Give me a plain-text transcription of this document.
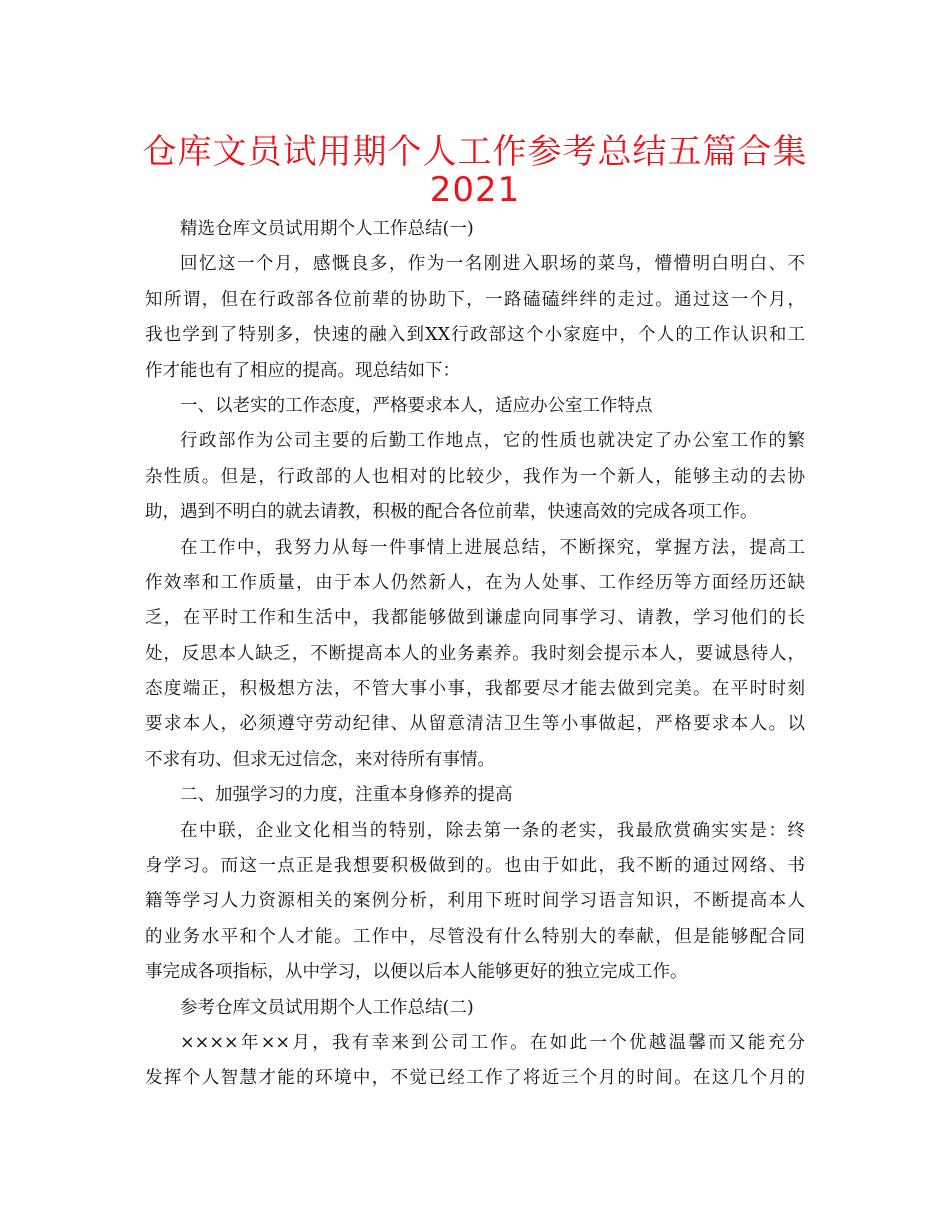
仓库文员试用期个人工作参考总结五篇合集
2021
精选仓库文员试用期个人工作总结(一)
回忆这一个月，感慨良多，作为一名刚进入职场的菜鸟，懵懵明白明白、不
知所谓，但在行政部各位前辈的协助下，一路磕磕绊绊的走过。通过这一个月，
我也学到了特别多，快速的融入到XX行政部这个小家庭中，个人的工作认识和工
作才能也有了相应的提高。现总结如下：
一、以老实的工作态度，严格要求本人，适应办公室工作特点
行政部作为公司主要的后勤工作地点，它的性质也就决定了办公室工作的繁
杂性质。但是，行政部的人也相对的比较少，我作为一个新人，能够主动的去协
助，遇到不明白的就去请教，积极的配合各位前辈，快速高效的完成各项工作。
在工作中，我努力从每一件事情上进展总结，不断探究，掌握方法，提高工
作效率和工作质量，由于本人仍然新人，在为人处事、工作经历等方面经历还缺
乏，在平时工作和生活中，我都能够做到谦虚向同事学习、请教，学习他们的长
处，反思本人缺乏，不断提高本人的业务素养。我时刻会提示本人，要诚恳待人，
态度端正，积极想方法，不管大事小事，我都要尽才能去做到完美。在平时时刻
要求本人，必须遵守劳动纪律、从留意清洁卫生等小事做起，严格要求本人。以
不求有功、但求无过信念，来对待所有事情。
二、加强学习的力度，注重本身修养的提高
在中联，企业文化相当的特别，除去第一条的老实，我最欣赏确实实是：终
身学习。而这一点正是我想要积极做到的。也由于如此，我不断的通过网络、书
籍等学习人力资源相关的案例分析，利用下班时间学习语言知识，不断提高本人
的业务水平和个人才能。工作中，尽管没有什么特别大的奉献，但是能够配合同
事完成各项指标，从中学习，以便以后本人能够更好的独立完成工作。
参考仓库文员试用期个人工作总结(二)
××××年××月，我有幸来到公司工作。在如此一个优越温馨而又能充分
发挥个人智慧才能的环境中，不觉已经工作了将近三个月的时间。在这几个月的
